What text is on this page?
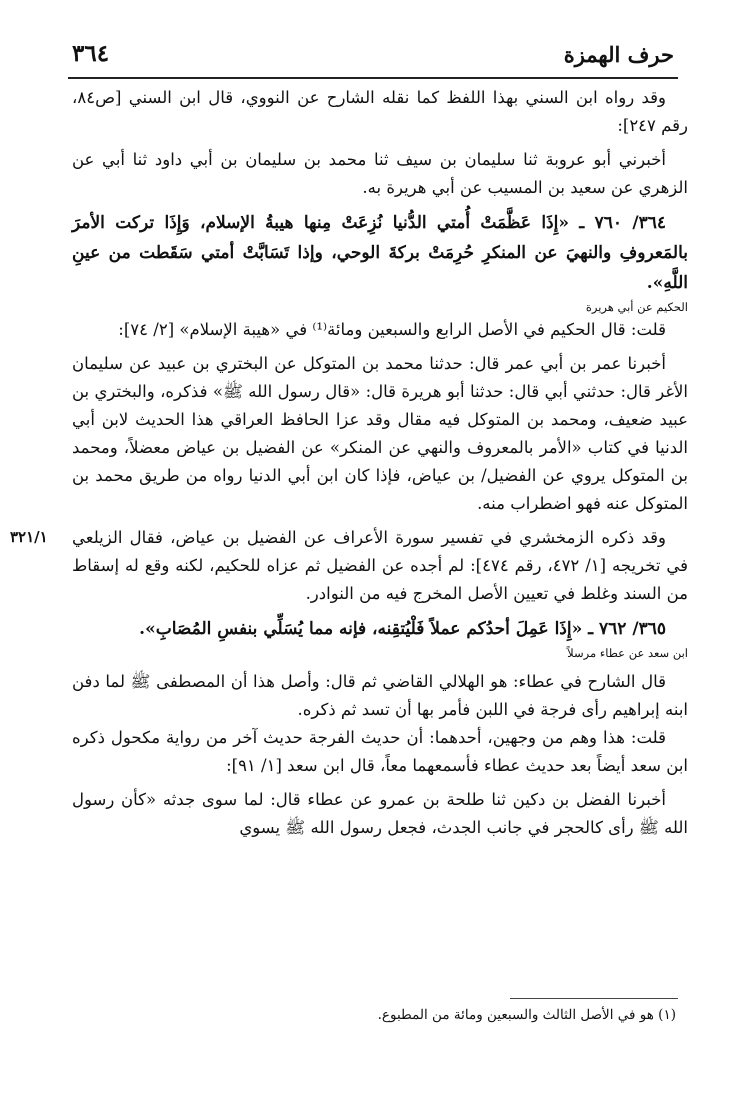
حرف الهمزة
٣٦٤

وقد رواه ابن السني بهذا اللفظ كما نقله الشارح عن النووي، قال ابن السني [ص٨٤، رقم ٢٤٧]:

أخبرني أبو عروبة ثنا سليمان بن سيف ثنا محمد بن سليمان بن أبي داود ثنا أبي عن الزهري عن سعيد بن المسيب عن أبي هريرة به.

٣٦٤/ ٧٦٠ ـ «إِذَا عَظَّمَتْ أُمتي الدُّنيا نُزِعَتْ مِنها هيبةُ الإسلام، وَإِذَا تركت الأمرَ بالمَعروفِ والنهيَ عن المنكرِ حُرِمَتْ بركةَ الوحي، وإذا تَسَابَّتْ أمتي سَقَطت من عينِ اللَّهِ».

الحكيم عن أبي هريرة

قلت: قال الحكيم في الأصل الرابع والسبعين ومائة⁽¹⁾ في «هيبة الإسلام» [٢/ ٧٤]:

أخبرنا عمر بن أبي عمر قال: حدثنا محمد بن المتوكل عن البختري بن عبيد عن سليمان الأغر قال: حدثني أبي قال: حدثنا أبو هريرة قال: «قال رسول الله ﷺ» فذكره، والبختري بن عبيد ضعيف، ومحمد بن المتوكل فيه مقال وقد عزا الحافظ العراقي هذا الحديث لابن أبي الدنيا في كتاب «الأمر بالمعروف والنهي عن المنكر» عن الفضيل بن عياض معضلاً، ومحمد بن المتوكل يروي عن الفضيل/ بن عياض، فإذا كان ابن أبي الدنيا رواه من طريق محمد بن المتوكل عنه فهو اضطراب منه.

وقد ذكره الزمخشري في تفسير سورة الأعراف عن الفضيل بن عياض، فقال الزيلعي في تخريجه [١/ ٤٧٢، رقم ٤٧٤]: لم أجده عن الفضيل ثم عزاه للحكيم، لكنه وقع له إسقاط من السند وغلط في تعيين الأصل المخرج فيه من النوادر.

٣٦٥/ ٧٦٢ ـ «إِذَا عَمِلَ أحدُكم عملاً فَلْيُتقِنه، فإنه مما يُسَلِّي بنفسِ المُصَابِ».

ابن سعد عن عطاء مرسلاً

قال الشارح في عطاء: هو الهلالي القاضي ثم قال: وأصل هذا أن المصطفى ﷺ لما دفن ابنه إبراهيم رأى فرجة في اللبن فأمر بها أن تسد ثم ذكره.

قلت: هذا وهم من وجهين، أحدهما: أن حديث الفرجة حديث آخر من رواية مكحول ذكره ابن سعد أيضاً بعد حديث عطاء فأسمعهما معاً، قال ابن سعد [١/ ٩١]:

أخبرنا الفضل بن دكين ثنا طلحة بن عمرو عن عطاء قال: لما سوى جدثه «كأن رسول الله ﷺ رأى كالحجر في جانب الجدث، فجعل رسول الله ﷺ يسوي

٣٢١/١
(١) هو في الأصل الثالث والسبعين ومائة من المطبوع.
